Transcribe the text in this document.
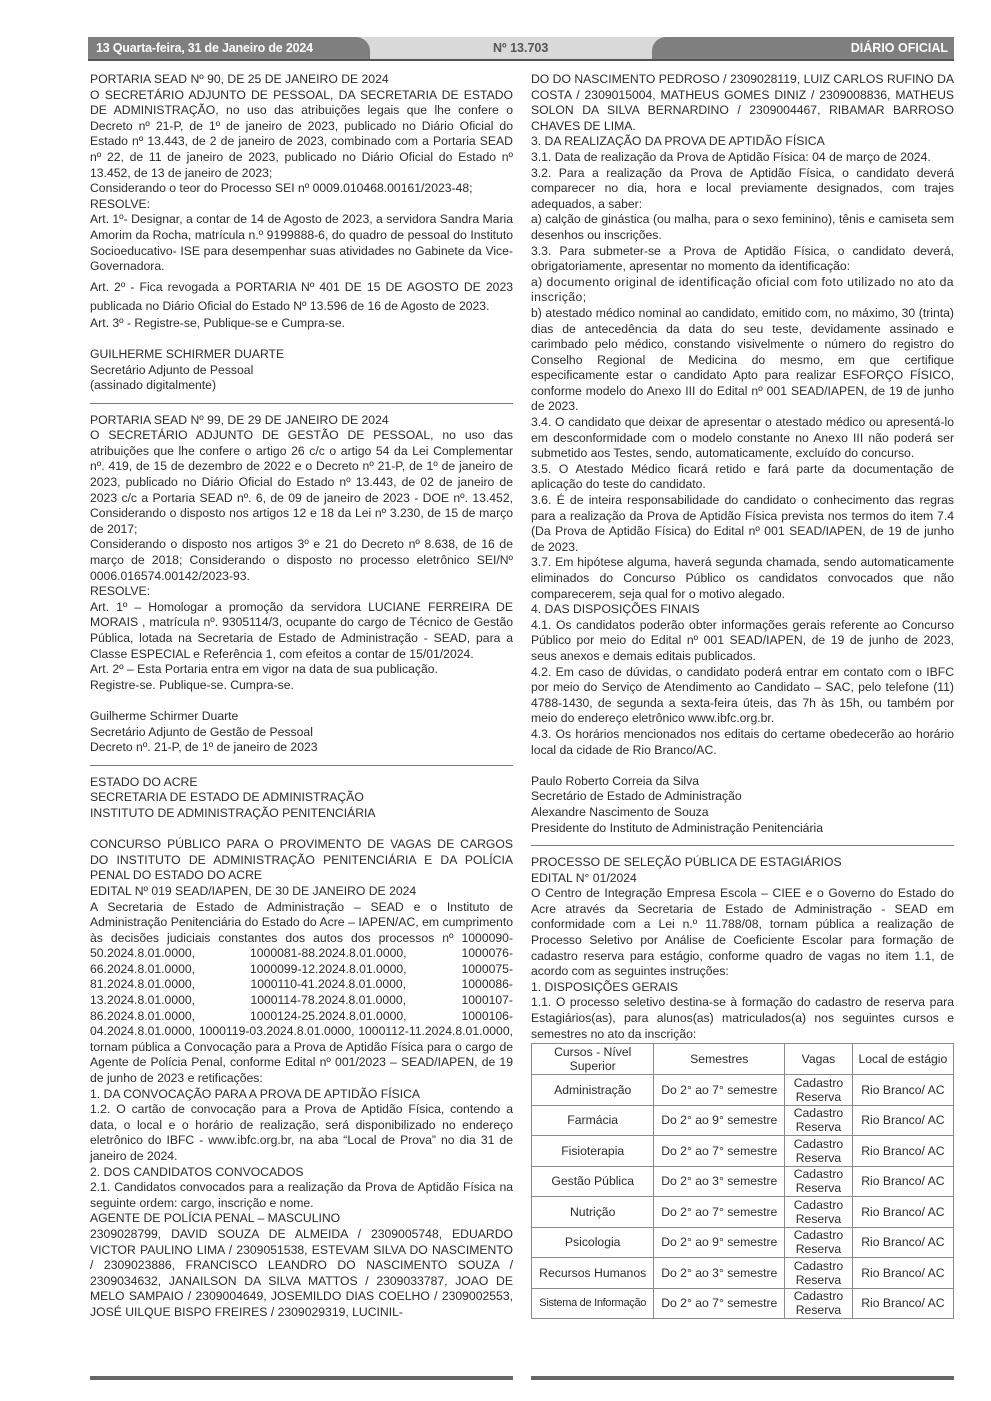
13 Quarta-feira, 31 de Janeiro de 2024	Nº 13.703	DIÁRIO OFICIAL

PORTARIA SEAD Nº 90, DE 25 DE JANEIRO DE 2024

O SECRETÁRIO ADJUNTO DE PESSOAL, DA SECRETARIA DE ESTADO DE ADMINISTRAÇÃO, no uso das atribuições legais que lhe confere o Decreto nº 21-P, de 1º de janeiro de 2023, publicado no Diário Oficial do Estado nº 13.443, de 2 de janeiro de 2023, combinado com a Portaria SEAD nº 22, de 11 de janeiro de 2023, publicado no Diário Oficial do Estado nº 13.452, de 13 de janeiro de 2023;

Considerando o teor do Processo SEI nº 0009.010468.00161/2023-48;

RESOLVE:

Art. 1º- Designar, a contar de 14 de Agosto de 2023, a servidora Sandra Maria Amorim da Rocha, matrícula n.º 9199888-6, do quadro de pessoal do Instituto Socioeducativo- ISE para desempenhar suas atividades no Gabinete da Vice-Governadora.

Art. 2º - Fica revogada a PORTARIA Nº 401 DE 15 DE AGOSTO DE 2023 publicada no Diário Oficial do Estado Nº 13.596 de 16 de Agosto de 2023.

Art. 3º - Registre-se, Publique-se e Cumpra-se.

GUILHERME SCHIRMER DUARTE

Secretário Adjunto de Pessoal

(assinado digitalmente)

PORTARIA SEAD Nº 99, DE 29 DE JANEIRO DE 2024

O SECRETÁRIO ADJUNTO DE GESTÃO DE PESSOAL, no uso das atribuições que lhe confere o artigo 26 c/c o artigo 54 da Lei Complementar nº. 419, de 15 de dezembro de 2022 e o Decreto nº 21-P, de 1º de janeiro de 2023, publicado no Diário Oficial do Estado nº 13.443, de 02 de janeiro de 2023 c/c a Portaria SEAD nº. 6, de 09 de janeiro de 2023 - DOE nº. 13.452, Considerando o disposto nos artigos 12 e 18 da Lei nº 3.230, de 15 de março de 2017;

Considerando o disposto nos artigos 3º e 21 do Decreto nº 8.638, de 16 de março de 2018; Considerando o disposto no processo eletrônico SEI/Nº 0006.016574.00142/2023-93.

RESOLVE:

Art. 1º – Homologar a promoção da servidora LUCIANE FERREIRA DE MORAIS , matrícula nº. 9305114/3, ocupante do cargo de Técnico de Gestão Pública, lotada na Secretaria de Estado de Administração - SEAD, para a Classe ESPECIAL e Referência 1, com efeitos a contar de 15/01/2024.

Art. 2º – Esta Portaria entra em vigor na data de sua publicação.

Registre-se. Publique-se. Cumpra-se.

Guilherme Schirmer Duarte

Secretário Adjunto de Gestão de Pessoal

Decreto nº. 21-P, de 1º de janeiro de 2023

ESTADO DO ACRE

SECRETARIA DE ESTADO DE ADMINISTRAÇÃO

INSTITUTO DE ADMINISTRAÇÃO PENITENCIÁRIA

CONCURSO PÚBLICO PARA O PROVIMENTO DE VAGAS DE CARGOS DO INSTITUTO DE ADMINISTRAÇÃO PENITENCIÁRIA E DA POLÍCIA PENAL DO ESTADO DO ACRE

EDITAL Nº 019 SEAD/IAPEN, DE 30 DE JANEIRO DE 2024

A Secretaria de Estado de Administração – SEAD e o Instituto de Administração Penitenciária do Estado do Acre – IAPEN/AC, em cumprimento às decisões judiciais constantes dos autos dos processos nº 1000090-50.2024.8.01.0000, 1000081-88.2024.8.01.0000, 1000076-66.2024.8.01.0000, 1000099-12.2024.8.01.0000, 1000075-81.2024.8.01.0000, 1000110-41.2024.8.01.0000, 1000086-13.2024.8.01.0000, 1000114-78.2024.8.01.0000, 1000107-86.2024.8.01.0000, 1000124-25.2024.8.01.0000, 1000106-04.2024.8.01.0000, 1000119-03.2024.8.01.0000, 1000112-11.2024.8.01.0000, tornam pública a Convocação para a Prova de Aptidão Física para o cargo de Agente de Polícia Penal, conforme Edital nº 001/2023 – SEAD/IAPEN, de 19 de junho de 2023 e retificações:

1. DA CONVOCAÇÃO PARA A PROVA DE APTIDÃO FÍSICA

1.2. O cartão de convocação para a Prova de Aptidão Física, contendo a data, o local e o horário de realização, será disponibilizado no endereço eletrônico do IBFC - www.ibfc.org.br, na aba “Local de Prova” no dia 31 de janeiro de 2024.

2. DOS CANDIDATOS CONVOCADOS

2.1. Candidatos convocados para a realização da Prova de Aptidão Física na seguinte ordem: cargo, inscrição e nome.

AGENTE DE POLÍCIA PENAL – MASCULINO

2309028799, DAVID SOUZA DE ALMEIDA / 2309005748, EDUARDO VICTOR PAULINO LIMA / 2309051538, ESTEVAM SILVA DO NASCIMENTO / 2309023886, FRANCISCO LEANDRO DO NASCIMENTO SOUZA / 2309034632, JANAILSON DA SILVA MATTOS / 2309033787, JOAO DE MELO SAMPAIO / 2309004649, JOSEMILDO DIAS COELHO / 2309002553, JOSÉ UILQUE BISPO FREIRES / 2309029319, LUCINIL-

DO DO NASCIMENTO PEDROSO / 2309028119, LUIZ CARLOS RUFINO DA COSTA / 2309015004, MATHEUS GOMES DINIZ / 2309008836, MATHEUS SOLON DA SILVA BERNARDINO / 2309004467, RIBAMAR BARROSO CHAVES DE LIMA.

3. DA REALIZAÇÃO DA PROVA DE APTIDÃO FÍSICA

3.1. Data de realização da Prova de Aptidão Física: 04 de março de 2024.

3.2. Para a realização da Prova de Aptidão Física, o candidato deverá comparecer no dia, hora e local previamente designados, com trajes adequados, a saber:

a) calção de ginástica (ou malha, para o sexo feminino), tênis e camiseta sem desenhos ou inscrições.

3.3. Para submeter-se a Prova de Aptidão Física, o candidato deverá, obrigatoriamente, apresentar no momento da identificação:

a) documento original de identificação oficial com foto utilizado no ato da inscrição;

b) atestado médico nominal ao candidato, emitido com, no máximo, 30 (trinta) dias de antecedência da data do seu teste, devidamente assinado e carimbado pelo médico, constando visivelmente o número do registro do Conselho Regional de Medicina do mesmo, em que certifique especificamente estar o candidato Apto para realizar ESFORÇO FÍSICO, conforme modelo do Anexo III do Edital nº 001 SEAD/IAPEN, de 19 de junho de 2023.

3.4. O candidato que deixar de apresentar o atestado médico ou apresentá-lo em desconformidade com o modelo constante no Anexo III não poderá ser submetido aos Testes, sendo, automaticamente, excluído do concurso.

3.5. O Atestado Médico ficará retido e fará parte da documentação de aplicação do teste do candidato.

3.6. É de inteira responsabilidade do candidato o conhecimento das regras para a realização da Prova de Aptidão Física prevista nos termos do item 7.4 (Da Prova de Aptidão Física) do Edital nº 001 SEAD/IAPEN, de 19 de junho de 2023.

3.7. Em hipótese alguma, haverá segunda chamada, sendo automaticamente eliminados do Concurso Público os candidatos convocados que não comparecerem, seja qual for o motivo alegado.

4. DAS DISPOSIÇÕES FINAIS

4.1. Os candidatos poderão obter informações gerais referente ao Concurso Público por meio do Edital nº 001 SEAD/IAPEN, de 19 de junho de 2023, seus anexos e demais editais publicados.

4.2. Em caso de dúvidas, o candidato poderá entrar em contato com o IBFC por meio do Serviço de Atendimento ao Candidato – SAC, pelo telefone (11) 4788-1430, de segunda a sexta-feira úteis, das 7h às 15h, ou também por meio do endereço eletrônico www.ibfc.org.br.

4.3. Os horários mencionados nos editais do certame obedecerão ao horário local da cidade de Rio Branco/AC.

Paulo Roberto Correia da Silva

Secretário de Estado de Administração

Alexandre Nascimento de Souza

Presidente do Instituto de Administração Penitenciária

PROCESSO DE SELEÇÃO PÚBLICA DE ESTAGIÁRIOS

EDITAL N° 01/2024

O Centro de Integração Empresa Escola – CIEE e o Governo do Estado do Acre através da Secretaria de Estado de Administração - SEAD em conformidade com a Lei n.º 11.788/08, tornam pública a realização de Processo Seletivo por Análise de Coeficiente Escolar para formação de cadastro reserva para estágio, conforme quadro de vagas no item 1.1, de acordo com as seguintes instruções:

1. DISPOSIÇÕES GERAIS

1.1. O processo seletivo destina-se à formação do cadastro de reserva para Estagiários(as), para alunos(as) matriculados(a) nos seguintes cursos e semestres no ato da inscrição:

Cursos - Nível Superior	Semestres	Vagas	Local de estágio
Administração	Do 2° ao 7° semestre	Cadastro Reserva	Rio Branco/ AC
Farmácia	Do 2° ao 9° semestre	Cadastro Reserva	Rio Branco/ AC
Fisioterapia	Do 2° ao 7° semestre	Cadastro Reserva	Rio Branco/ AC
Gestão Pública	Do 2° ao 3° semestre	Cadastro Reserva	Rio Branco/ AC
Nutrição	Do 2° ao 7° semestre	Cadastro Reserva	Rio Branco/ AC
Psicologia	Do 2° ao 9° semestre	Cadastro Reserva	Rio Branco/ AC
Recursos Humanos	Do 2° ao 3° semestre	Cadastro Reserva	Rio Branco/ AC
Sistema de Informação	Do 2° ao 7° semestre	Cadastro Reserva	Rio Branco/ AC
